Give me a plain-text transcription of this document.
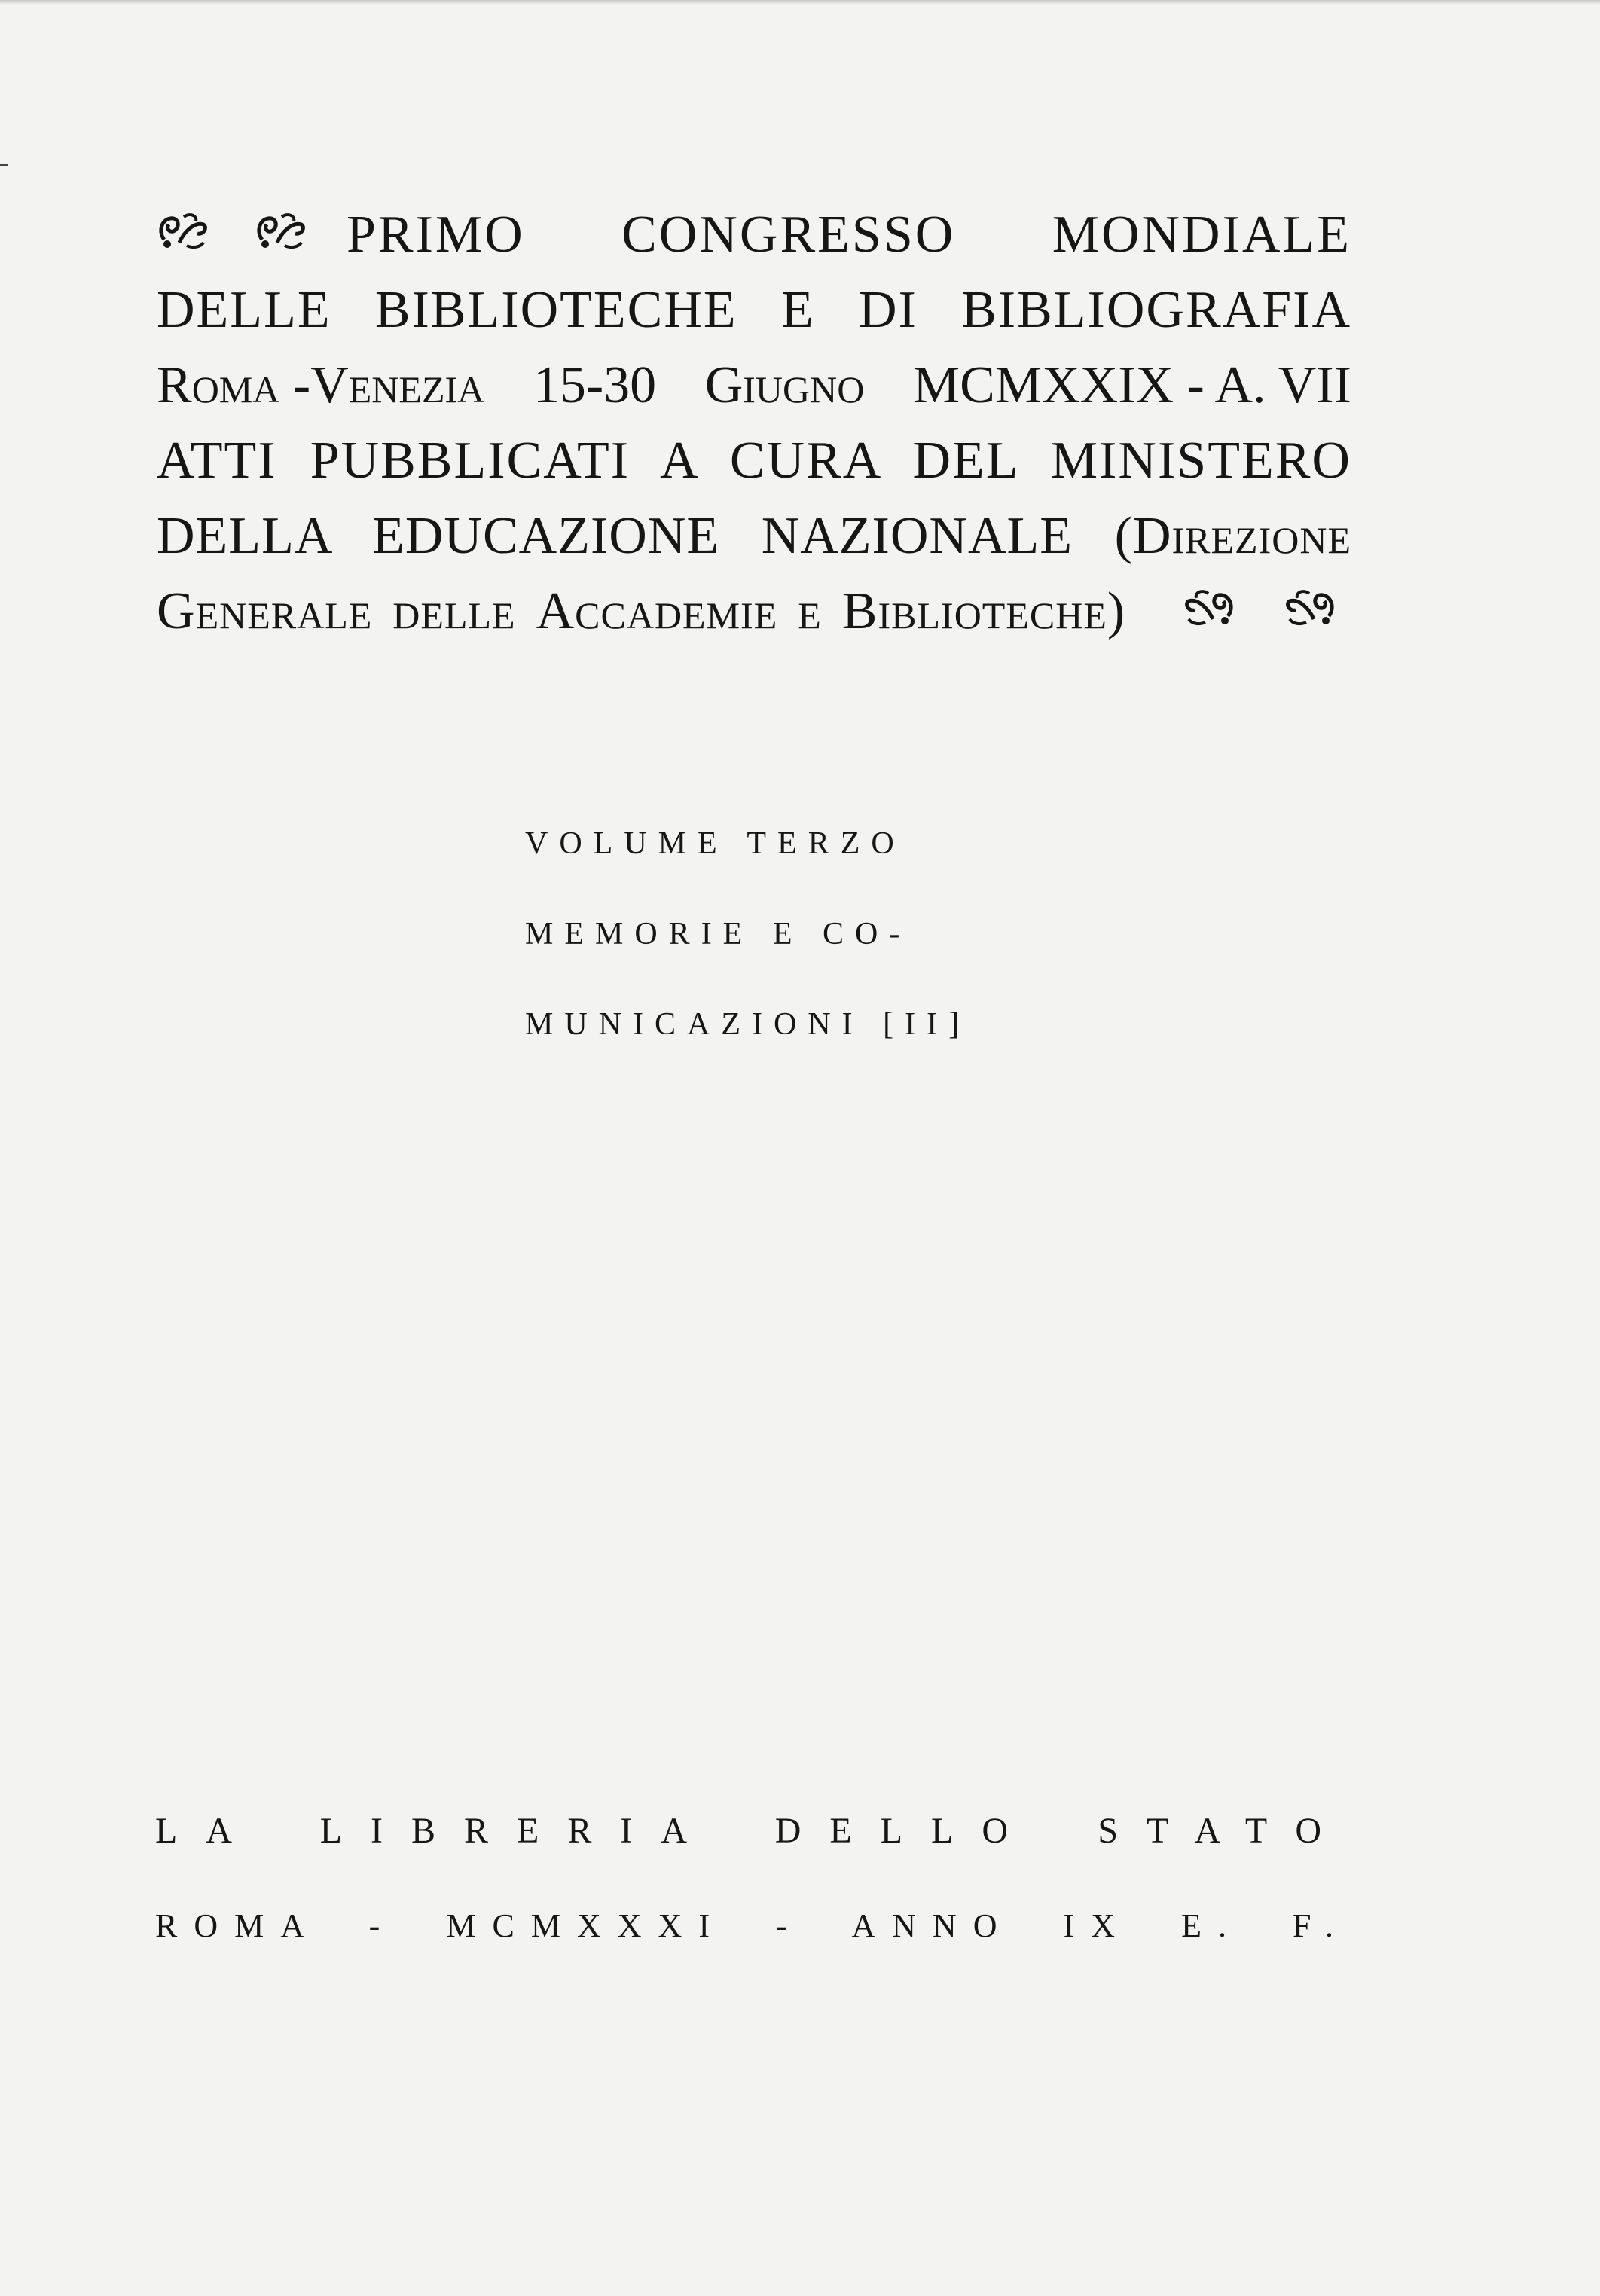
PRIMO CONGRESSO MONDIALE
DELLE BIBLIOTECHE E DI BIBLIOGRAFIA
ROMA -VENEZIA 15-30 GIUGNO MCMXXIX - A. VII
ATTI PUBBLICATI A CURA DEL MINISTERO
DELLA EDUCAZIONE NAZIONALE (DIREZIONE
GENERALE DELLE ACCADEMIE E BIBLIOTECHE)
VOLUME TERZO
MEMORIE E CO-
MUNICAZIONI [II]
LA LIBRERIA DELLO STATO
ROMA - MCMXXXI - ANNO IX E. F.
